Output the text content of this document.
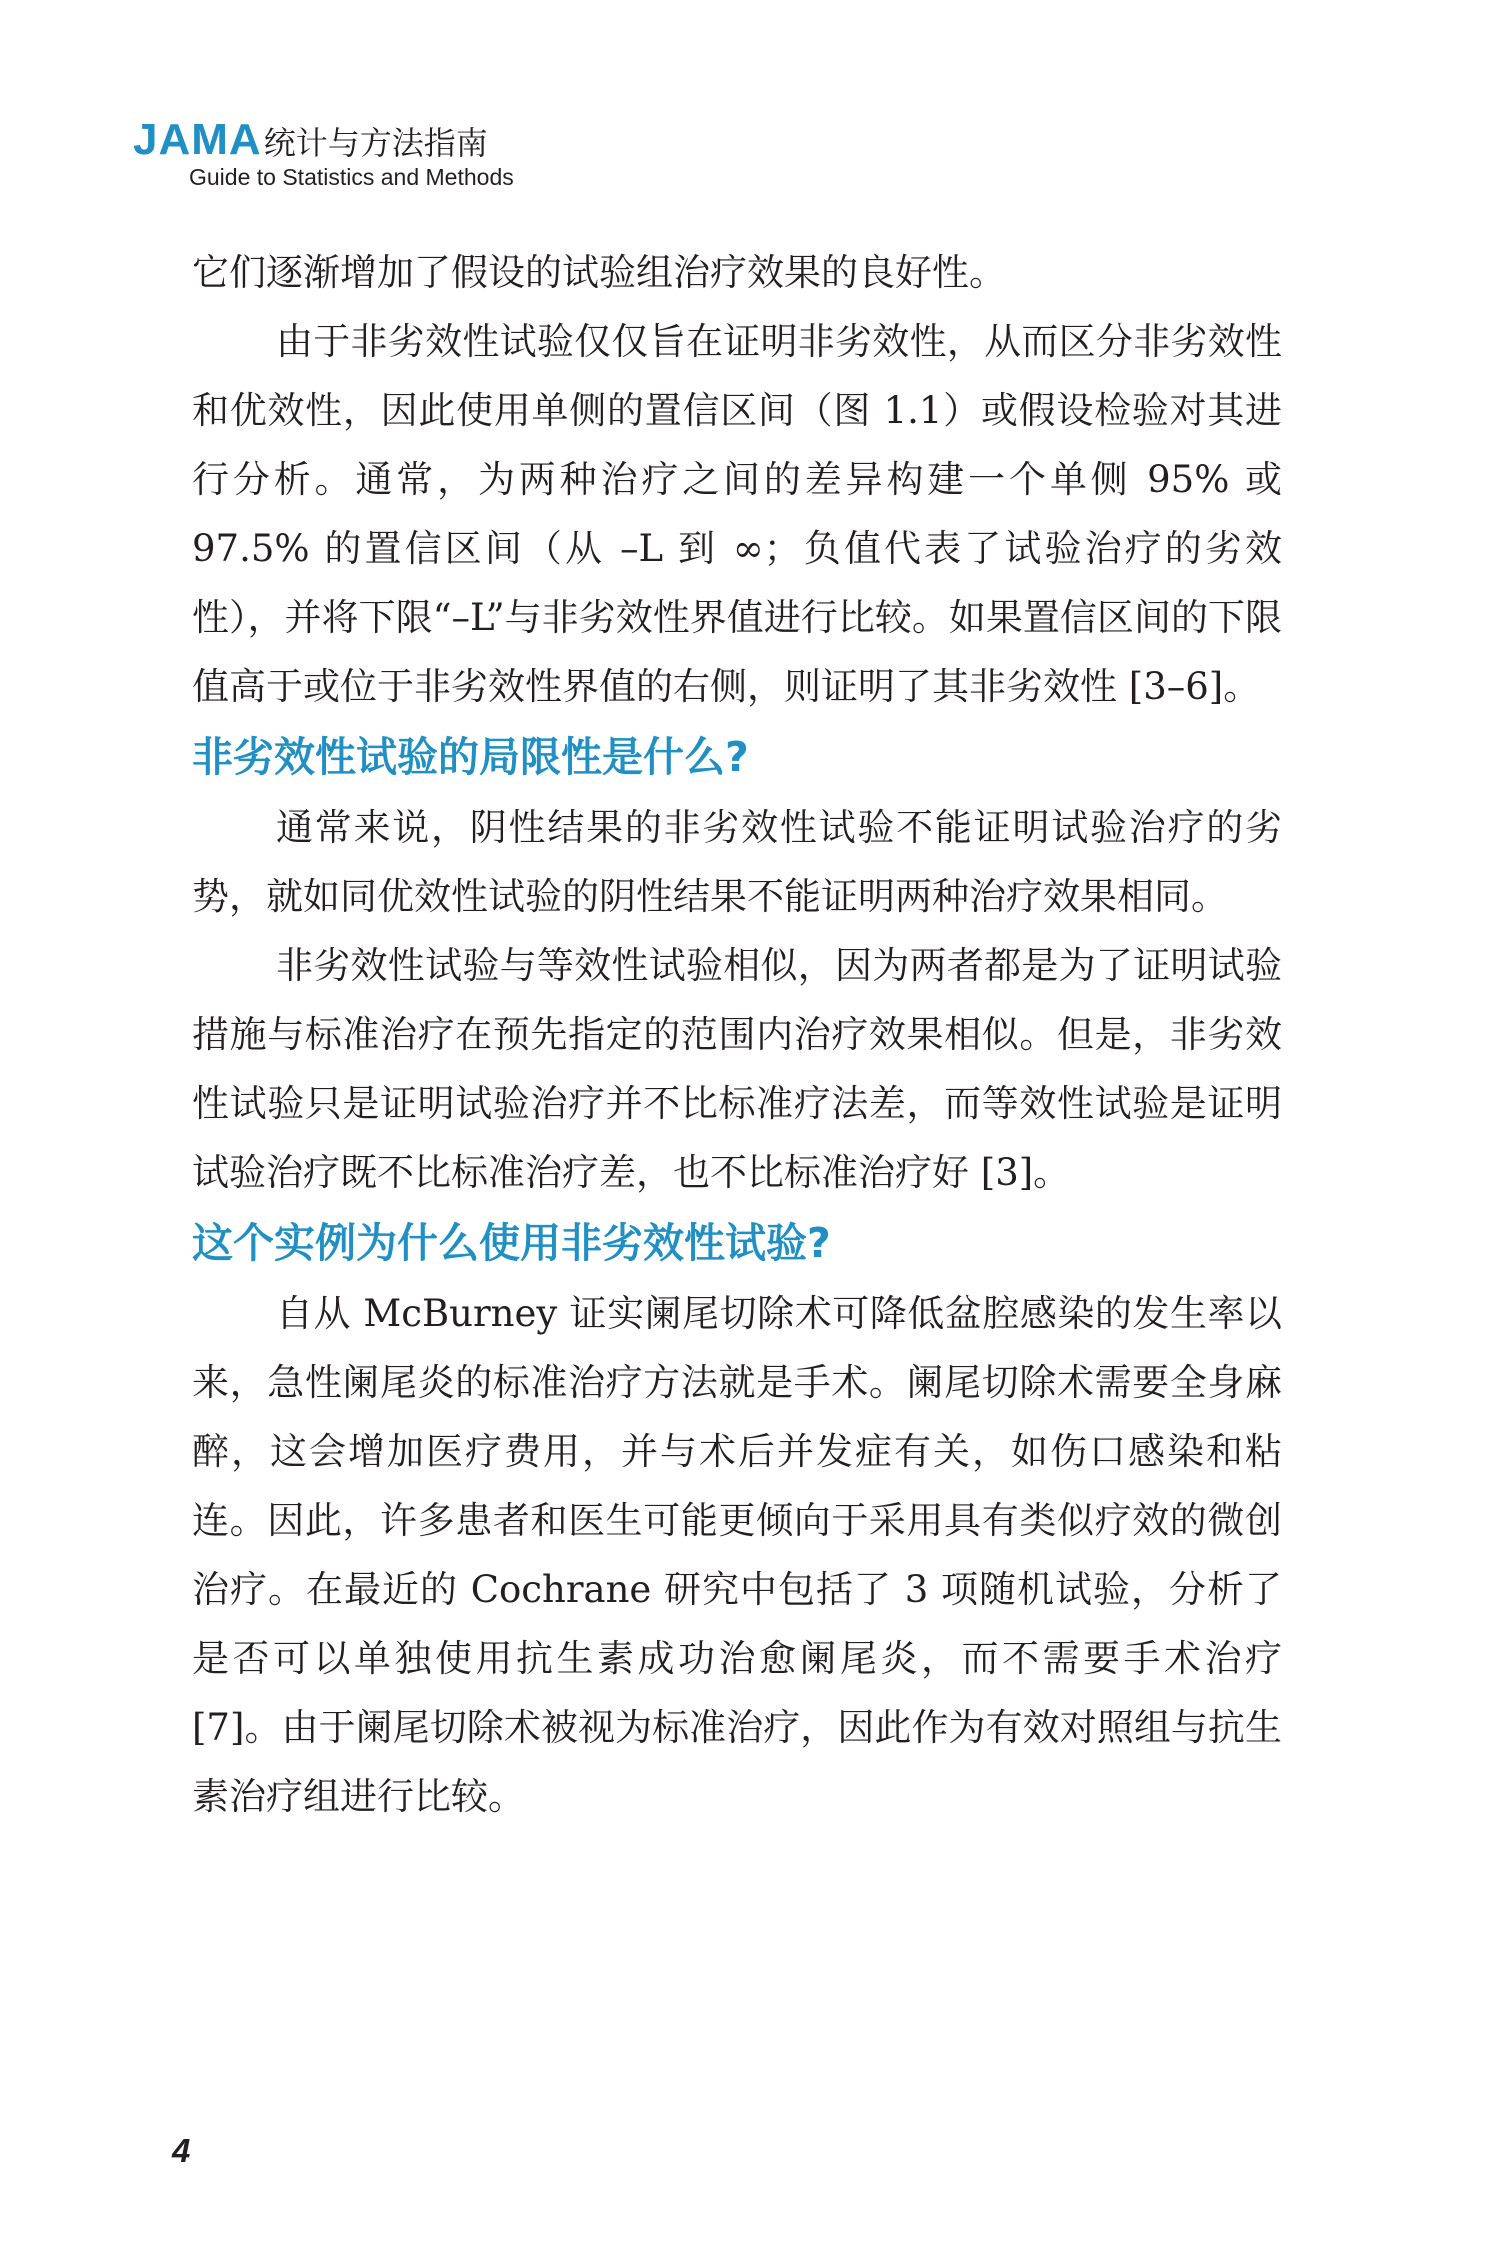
JAMA 统计与方法指南
Guide to Statistics and Methods

它们逐渐增加了假设的试验组治疗效果的良好性。

由于非劣效性试验仅仅旨在证明非劣效性，从而区分非劣效性和优效性，因此使用单侧的置信区间（图 1.1）或假设检验对其进行分析。通常，为两种治疗之间的差异构建一个单侧 95% 或 97.5% 的置信区间（从 –L 到 ∞；负值代表了试验治疗的劣效性），并将下限“–L”与非劣效性界值进行比较。如果置信区间的下限值高于或位于非劣效性界值的右侧，则证明了其非劣效性 [3–6]。

非劣效性试验的局限性是什么?

通常来说，阴性结果的非劣效性试验不能证明试验治疗的劣势，就如同优效性试验的阴性结果不能证明两种治疗效果相同。

非劣效性试验与等效性试验相似，因为两者都是为了证明试验措施与标准治疗在预先指定的范围内治疗效果相似。但是，非劣效性试验只是证明试验治疗并不比标准疗法差，而等效性试验是证明试验治疗既不比标准治疗差，也不比标准治疗好 [3]。

这个实例为什么使用非劣效性试验?

自从 McBurney 证实阑尾切除术可降低盆腔感染的发生率以来，急性阑尾炎的标准治疗方法就是手术。阑尾切除术需要全身麻醉，这会增加医疗费用，并与术后并发症有关，如伤口感染和粘连。因此，许多患者和医生可能更倾向于采用具有类似疗效的微创治疗。在最近的 Cochrane 研究中包括了 3 项随机试验，分析了是否可以单独使用抗生素成功治愈阑尾炎，而不需要手术治疗 [7]。由于阑尾切除术被视为标准治疗，因此作为有效对照组与抗生素治疗组进行比较。

4
